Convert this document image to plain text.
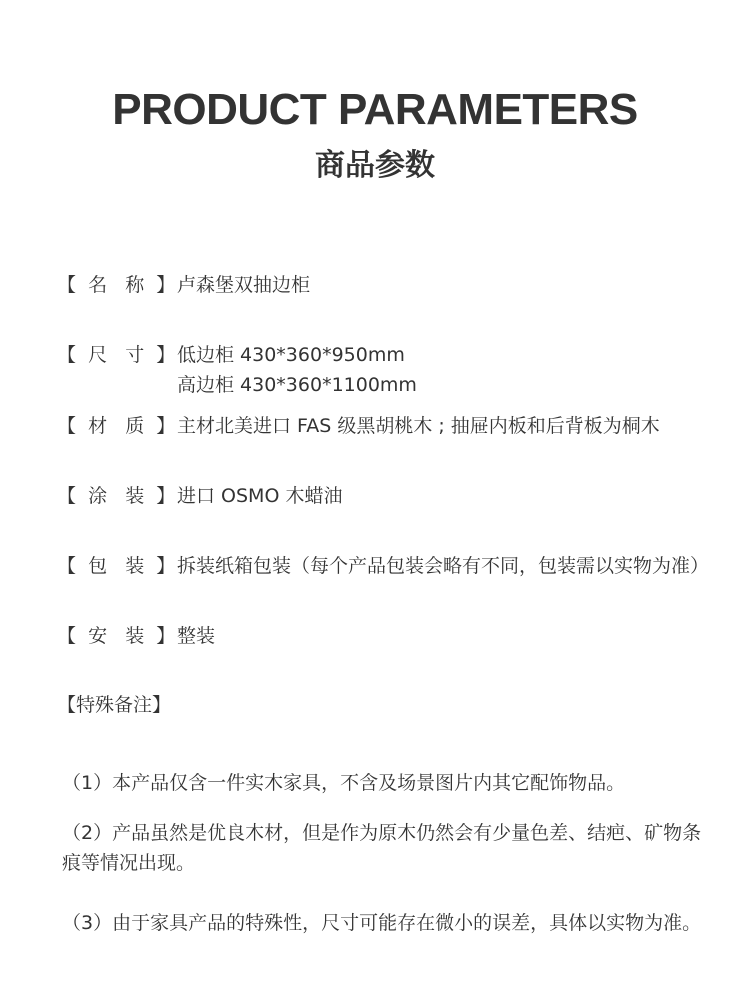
PRODUCT PARAMETERS
商品参数
【  名   称  】 卢森堡双抽边柜
【  尺   寸  】 低边柜 430*360*950mm
高边柜 430*360*1100mm
【  材   质  】 主材北美进口 FAS 级黑胡桃木 ; 抽屉内板和后背板为桐木
【  涂   装  】 进口 OSMO 木蜡油
【  包   装  】 拆装纸箱包装（每个产品包装会略有不同，包装需以实物为准）
【  安   装  】 整装
【特殊备注】
（1）本产品仅含一件实木家具，不含及场景图片内其它配饰物品。
（2）产品虽然是优良木材，但是作为原木仍然会有少量色差、结疤、矿物条痕等情况出现。
（3）由于家具产品的特殊性，尺寸可能存在微小的误差，具体以实物为准。
